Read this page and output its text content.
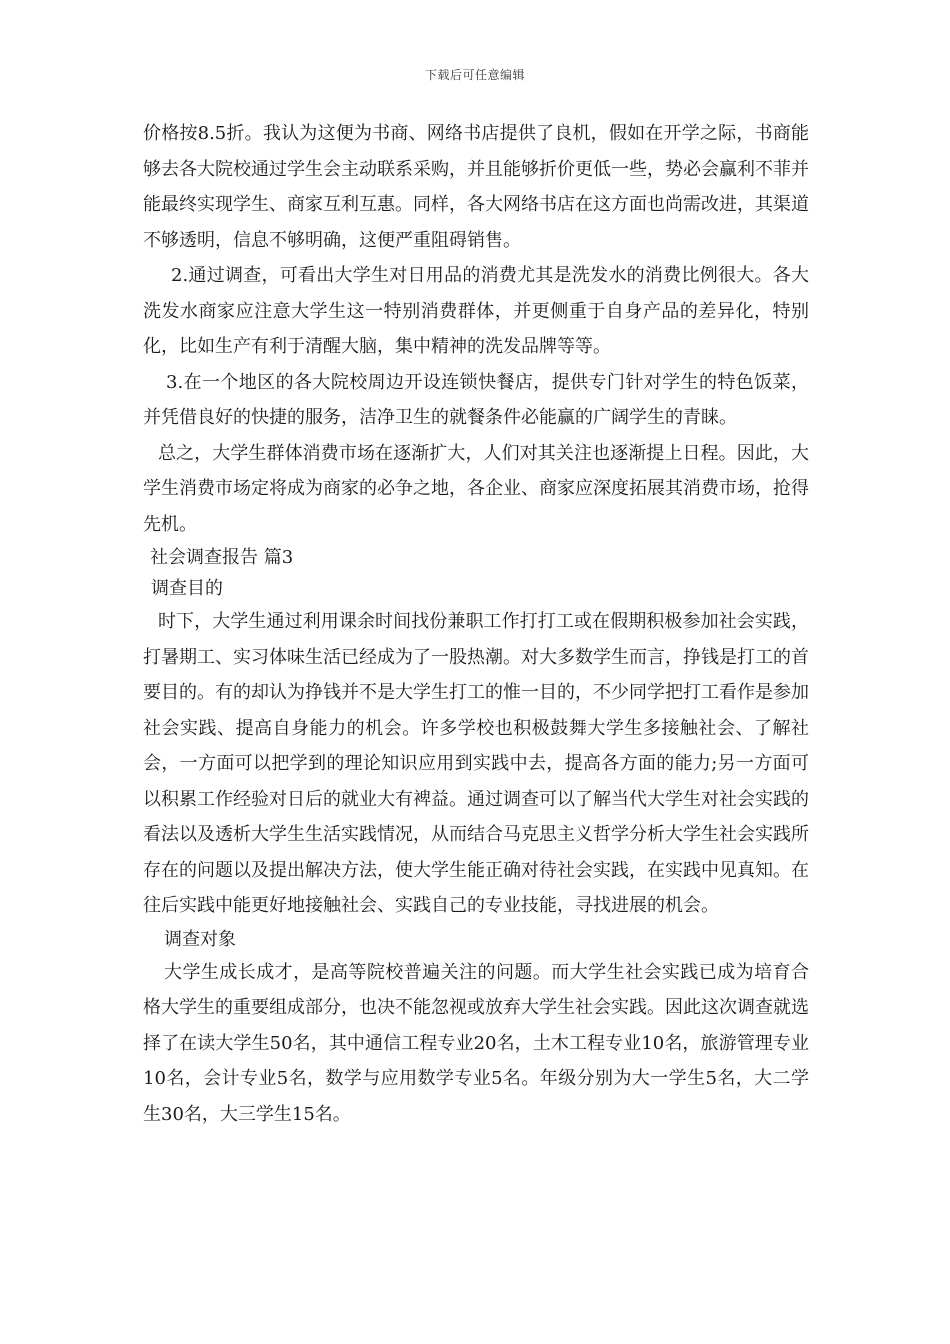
下载后可任意编辑

价格按8.5折。我认为这便为书商、网络书店提供了良机，假如在开学之际，书商能够去各大院校通过学生会主动联系采购，并且能够折价更低一些，势必会赢利不菲并能最终实现学生、商家互利互惠。同样，各大网络书店在这方面也尚需改进，其渠道不够透明，信息不够明确，这便严重阻碍销售。

2.通过调查，可看出大学生对日用品的消费尤其是洗发水的消费比例很大。各大洗发水商家应注意大学生这一特别消费群体，并更侧重于自身产品的差异化，特别化，比如生产有利于清醒大脑，集中精神的洗发品牌等等。

3.在一个地区的各大院校周边开设连锁快餐店，提供专门针对学生的特色饭菜，并凭借良好的快捷的服务，洁净卫生的就餐条件必能赢的广阔学生的青睐。

总之，大学生群体消费市场在逐渐扩大，人们对其关注也逐渐提上日程。因此，大学生消费市场定将成为商家的必争之地，各企业、商家应深度拓展其消费市场，抢得先机。

社会调查报告 篇3
调查目的

时下，大学生通过利用课余时间找份兼职工作打打工或在假期积极参加社会实践，打暑期工、实习体味生活已经成为了一股热潮。对大多数学生而言，挣钱是打工的首要目的。有的却认为挣钱并不是大学生打工的惟一目的，不少同学把打工看作是参加社会实践、提高自身能力的机会。许多学校也积极鼓舞大学生多接触社会、了解社会，一方面可以把学到的理论知识应用到实践中去，提高各方面的能力;另一方面可以积累工作经验对日后的就业大有裨益。通过调查可以了解当代大学生对社会实践的看法以及透析大学生生活实践情况，从而结合马克思主义哲学分析大学生社会实践所存在的问题以及提出解决方法，使大学生能正确对待社会实践，在实践中见真知。在往后实践中能更好地接触社会、实践自己的专业技能，寻找进展的机会。

调查对象

大学生成长成才，是高等院校普遍关注的问题。而大学生社会实践已成为培育合格大学生的重要组成部分，也决不能忽视或放弃大学生社会实践。因此这次调查就选择了在读大学生50名，其中通信工程专业20名，土木工程专业10名，旅游管理专业10名，会计专业5名，数学与应用数学专业5名。年级分别为大一学生5名，大二学生30名，大三学生15名。
